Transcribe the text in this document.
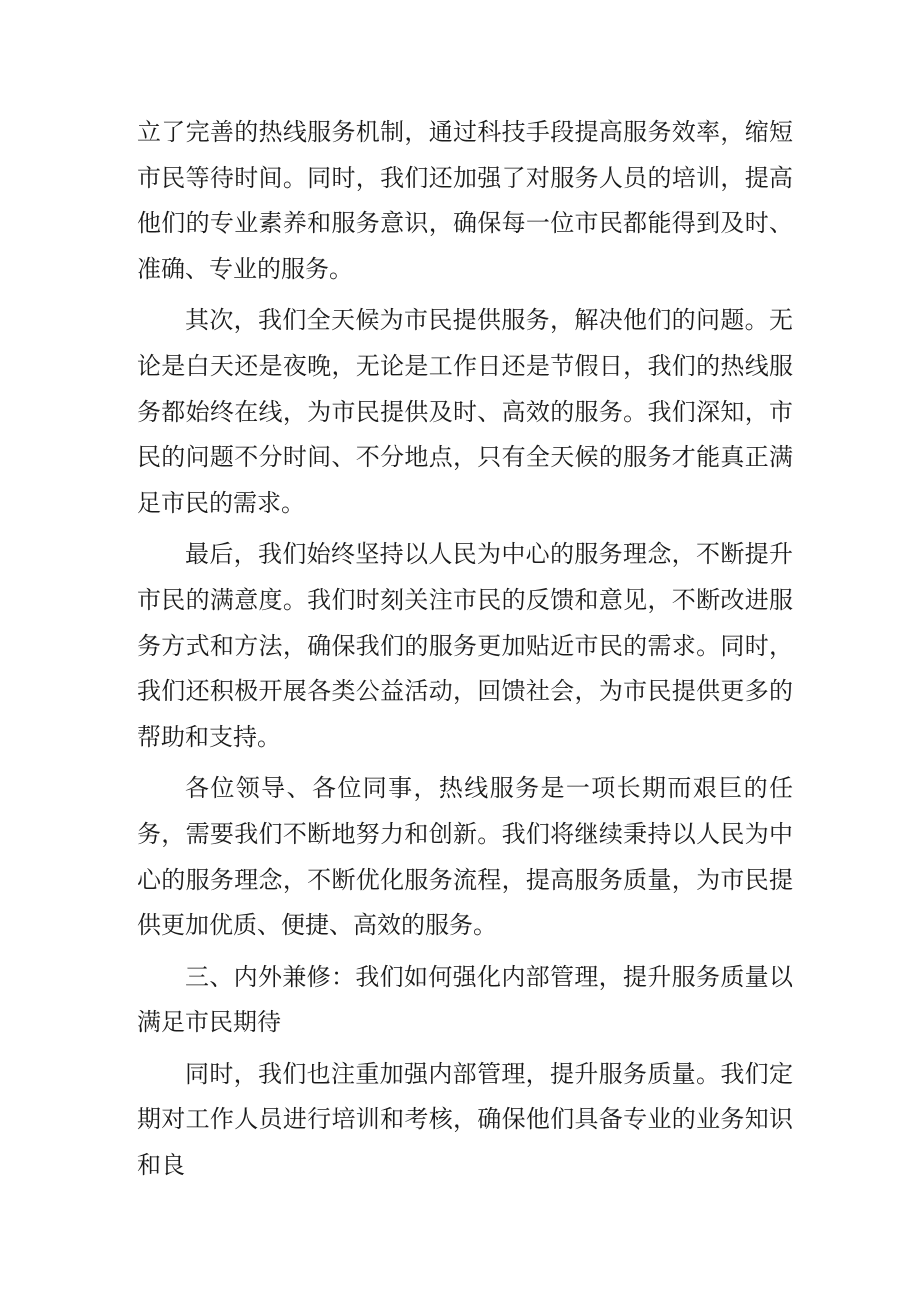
立了完善的热线服务机制，通过科技手段提高服务效率，缩短市民等待时间。同时，我们还加强了对服务人员的培训，提高他们的专业素养和服务意识，确保每一位市民都能得到及时、准确、专业的服务。

其次，我们全天候为市民提供服务，解决他们的问题。无论是白天还是夜晚，无论是工作日还是节假日，我们的热线服务都始终在线，为市民提供及时、高效的服务。我们深知，市民的问题不分时间、不分地点，只有全天候的服务才能真正满足市民的需求。

最后，我们始终坚持以人民为中心的服务理念，不断提升市民的满意度。我们时刻关注市民的反馈和意见，不断改进服务方式和方法，确保我们的服务更加贴近市民的需求。同时，我们还积极开展各类公益活动，回馈社会，为市民提供更多的帮助和支持。

各位领导、各位同事，热线服务是一项长期而艰巨的任务，需要我们不断地努力和创新。我们将继续秉持以人民为中心的服务理念，不断优化服务流程，提高服务质量，为市民提供更加优质、便捷、高效的服务。

三、内外兼修：我们如何强化内部管理，提升服务质量以满足市民期待

同时，我们也注重加强内部管理，提升服务质量。我们定期对工作人员进行培训和考核，确保他们具备专业的业务知识和良
